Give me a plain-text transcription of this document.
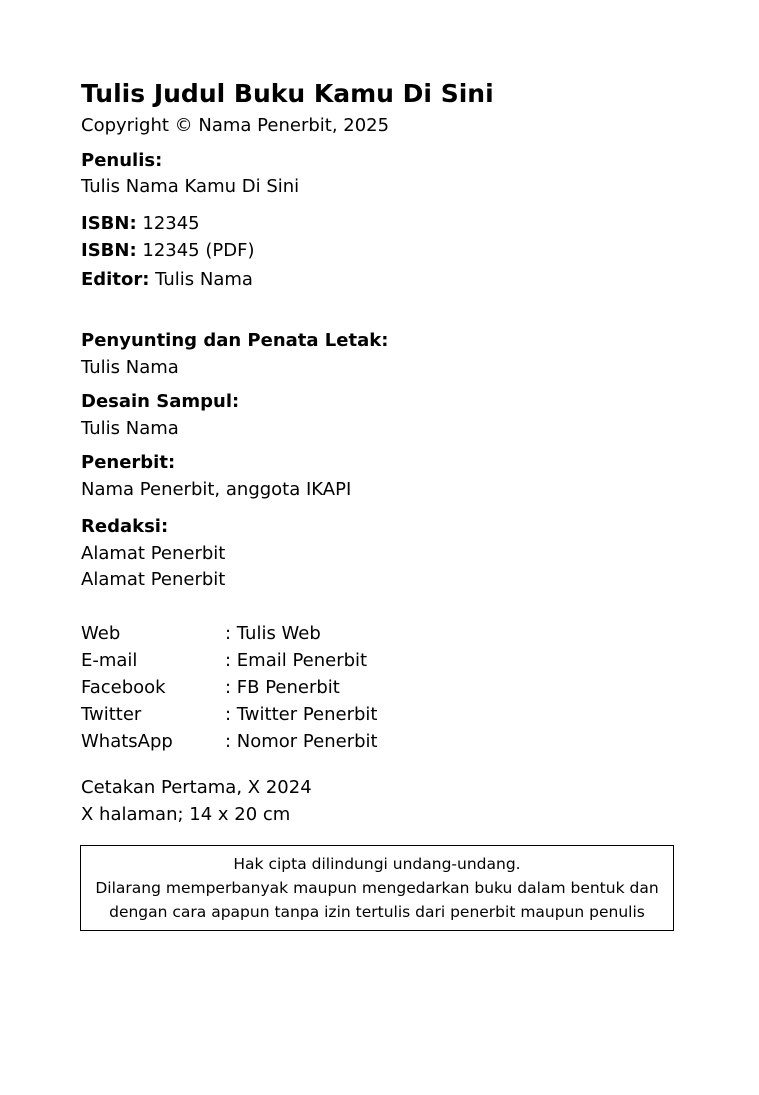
Tulis Judul Buku Kamu Di Sini
Copyright © Nama Penerbit, 2025
Penulis:
Tulis Nama Kamu Di Sini
ISBN: 12345
ISBN: 12345 (PDF)
Editor: Tulis Nama
Penyunting dan Penata Letak:
Tulis Nama
Desain Sampul:
Tulis Nama
Penerbit:
Nama Penerbit, anggota IKAPI
Redaksi:
Alamat Penerbit
Alamat Penerbit
Web	: Tulis Web
E-mail	: Email Penerbit
Facebook	: FB Penerbit
Twitter	: Twitter Penerbit
WhatsApp	: Nomor Penerbit
Cetakan Pertama, X 2024
X halaman; 14 x 20 cm
Hak cipta dilindungi undang-undang.
Dilarang memperbanyak maupun mengedarkan buku dalam bentuk dan
dengan cara apapun tanpa izin tertulis dari penerbit maupun penulis
